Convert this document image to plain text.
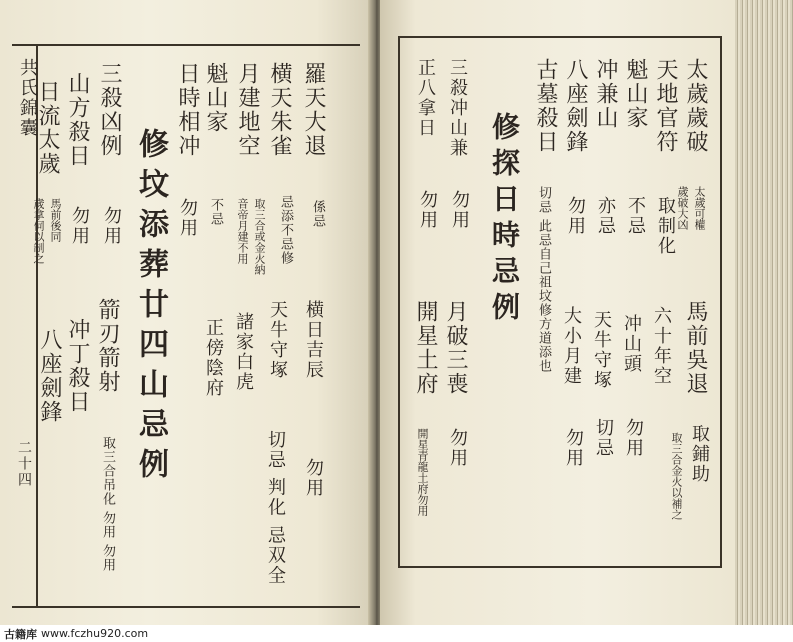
共氏錦囊
二十四
羅天大退
係忌
横日吉辰
勿用
横天朱雀
忌添不忌修
天牛守塚
切忌 判化 忌双全
月建地空
取三合或金火納
音帝月建不用
諸家白虎
魁山家
不忌
正傍陰府
日時相冲
勿用
修坟添葬廿四山忌例
三殺凶例
勿用
箭刃箭射
取三合吊化 勿用 勿用
山方殺日
勿用
冲丁殺日
日流太歲
馬前後同
歲拿伺以制之
八座劍鋒
太歲歲破
太歲可權
歲破大凶
馬前吳退
取鋪助
取三合金火以補之
天地官符
取制化
六十年空
魁山家
不忌
冲山頭
勿用
冲兼山
亦忌
天牛守塚
切忌
八座劍鋒
勿用
大小月建
勿用
古墓殺日
切忌 此忌自己祖坟修方道添也
修探日時忌例
三殺冲山兼
勿用
月破三喪
勿用
正八拿日
勿用
開星土府
開星青龍土府勿用
古籍库 www.fczhu920.com
